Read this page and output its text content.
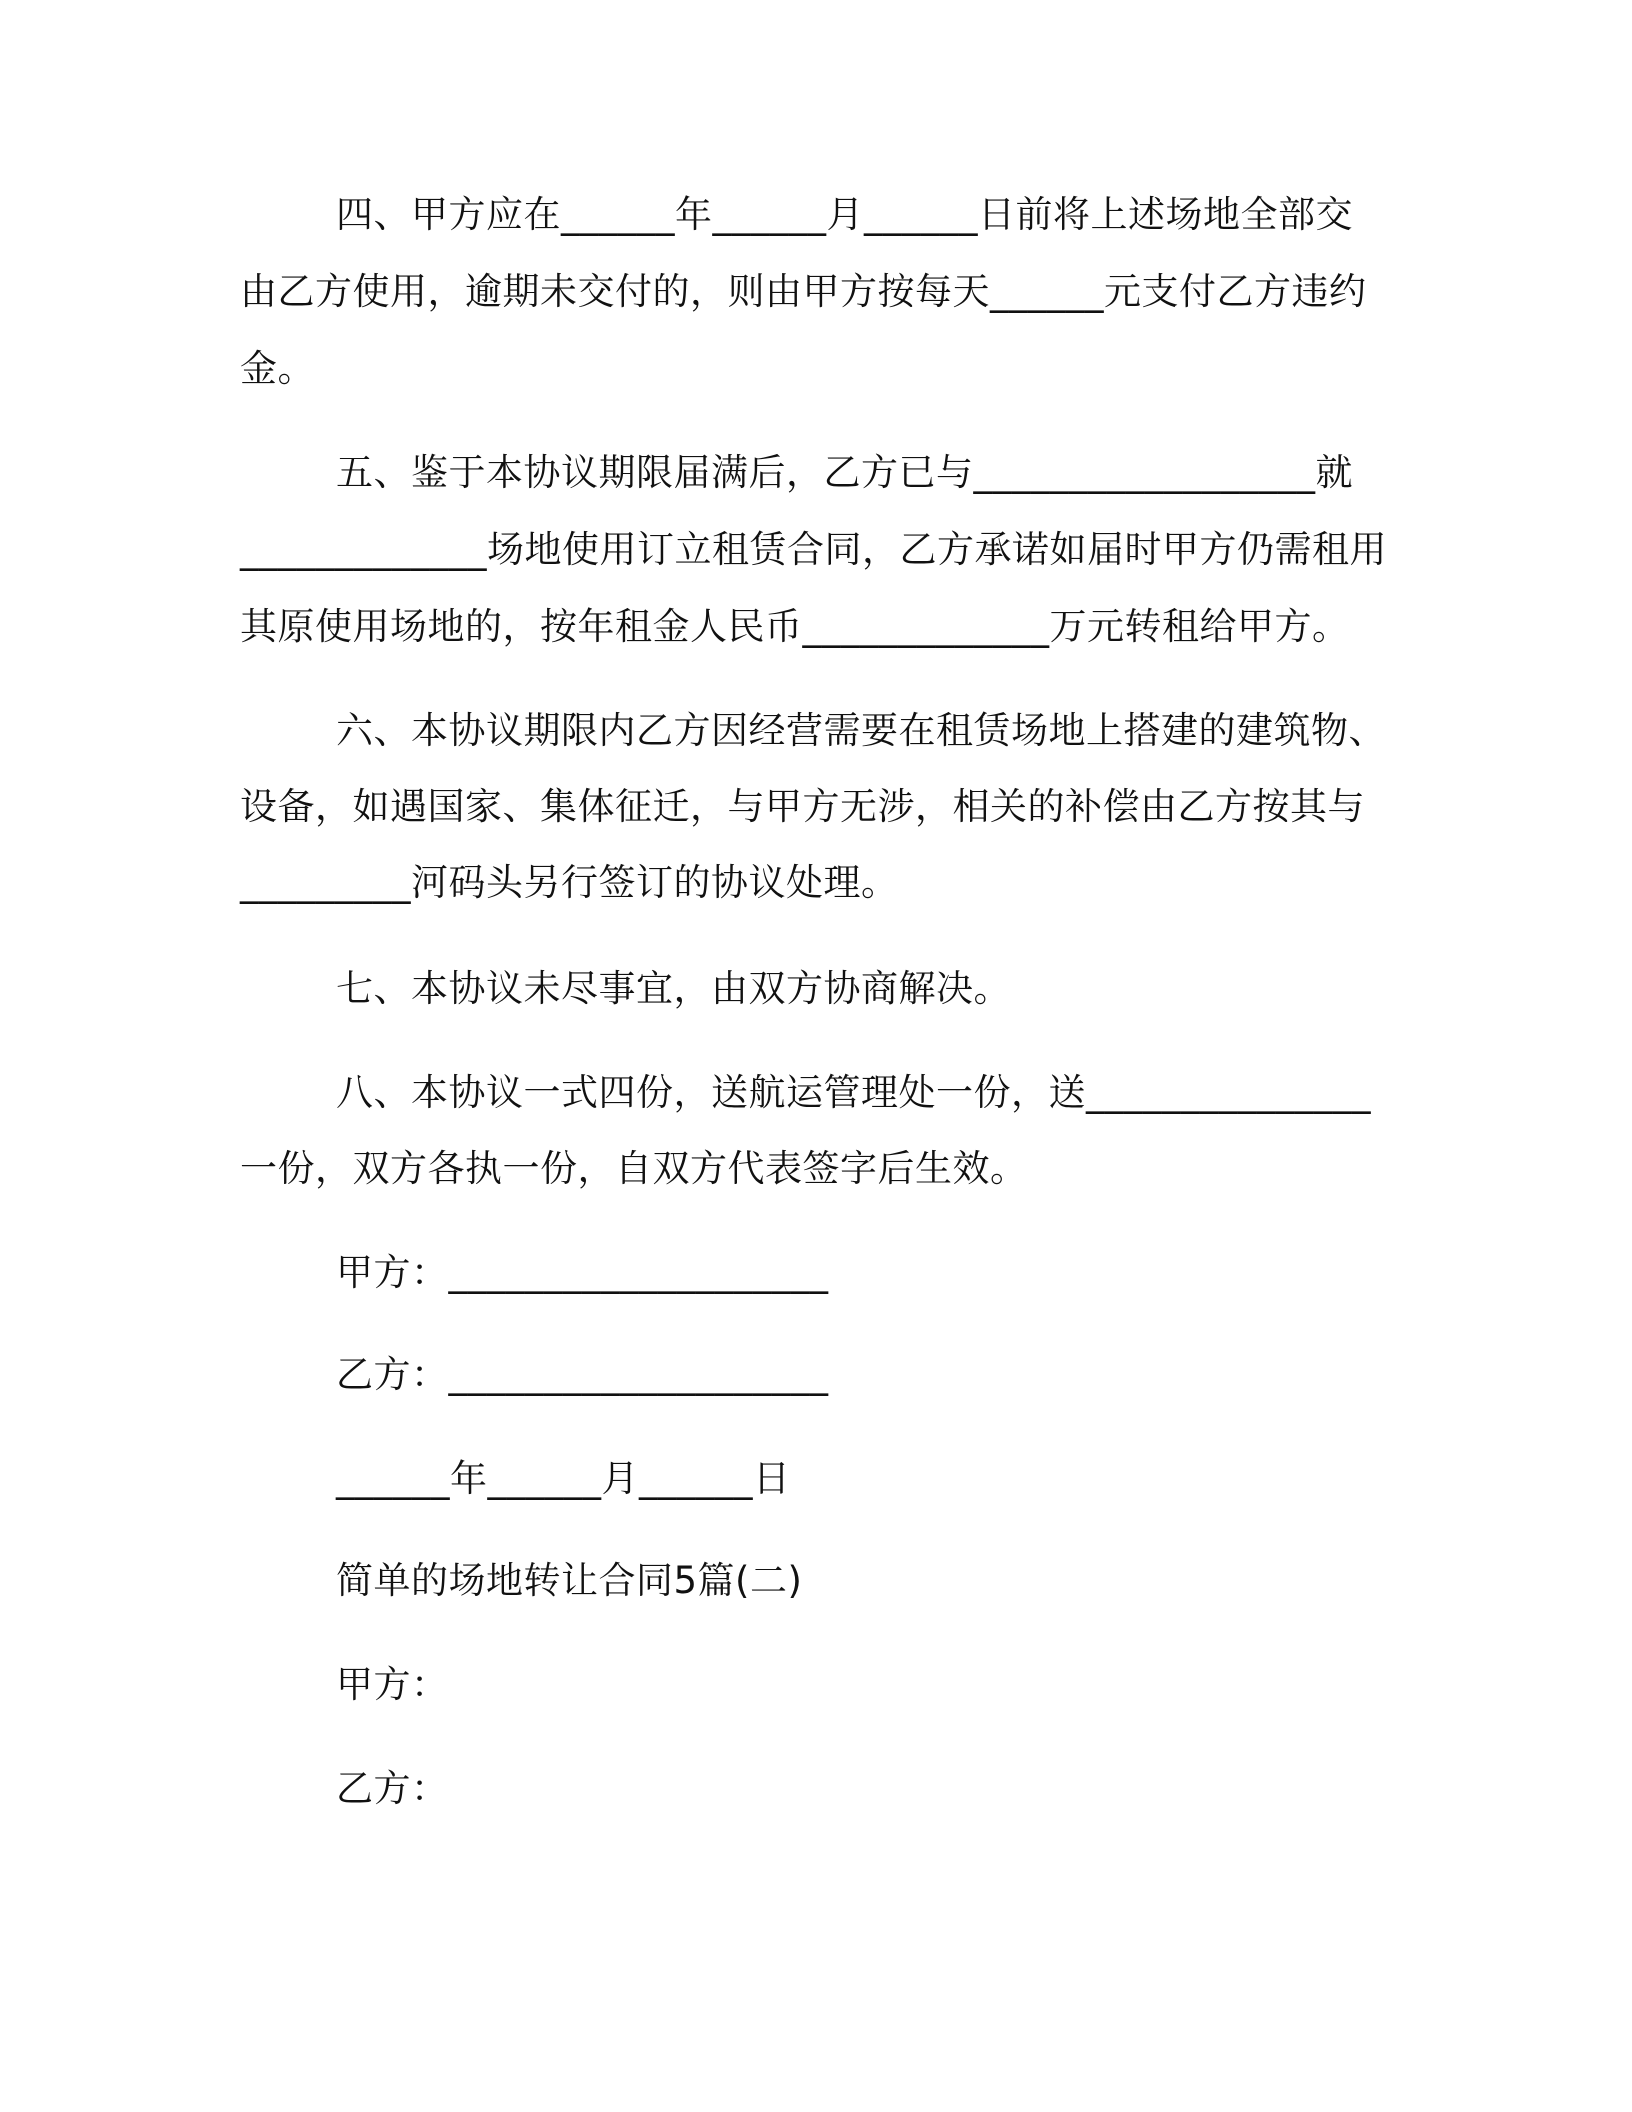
四、甲方应在______年______月______日前将上述场地全部交
由乙方使用，逾期未交付的，则由甲方按每天______元支付乙方违约
金。
五、鉴于本协议期限届满后，乙方已与__________________就
_____________场地使用订立租赁合同，乙方承诺如届时甲方仍需租用
其原使用场地的，按年租金人民币_____________万元转租给甲方。
六、本协议期限内乙方因经营需要在租赁场地上搭建的建筑物、
设备，如遇国家、集体征迁，与甲方无涉，相关的补偿由乙方按其与
_________河码头另行签订的协议处理。
七、本协议未尽事宜，由双方协商解决。
八、本协议一式四份，送航运管理处一份，送_______________
一份，双方各执一份，自双方代表签字后生效。
甲方：____________________
乙方：____________________
______年______月______日
简单的场地转让合同5篇(二)
甲方：
乙方：
